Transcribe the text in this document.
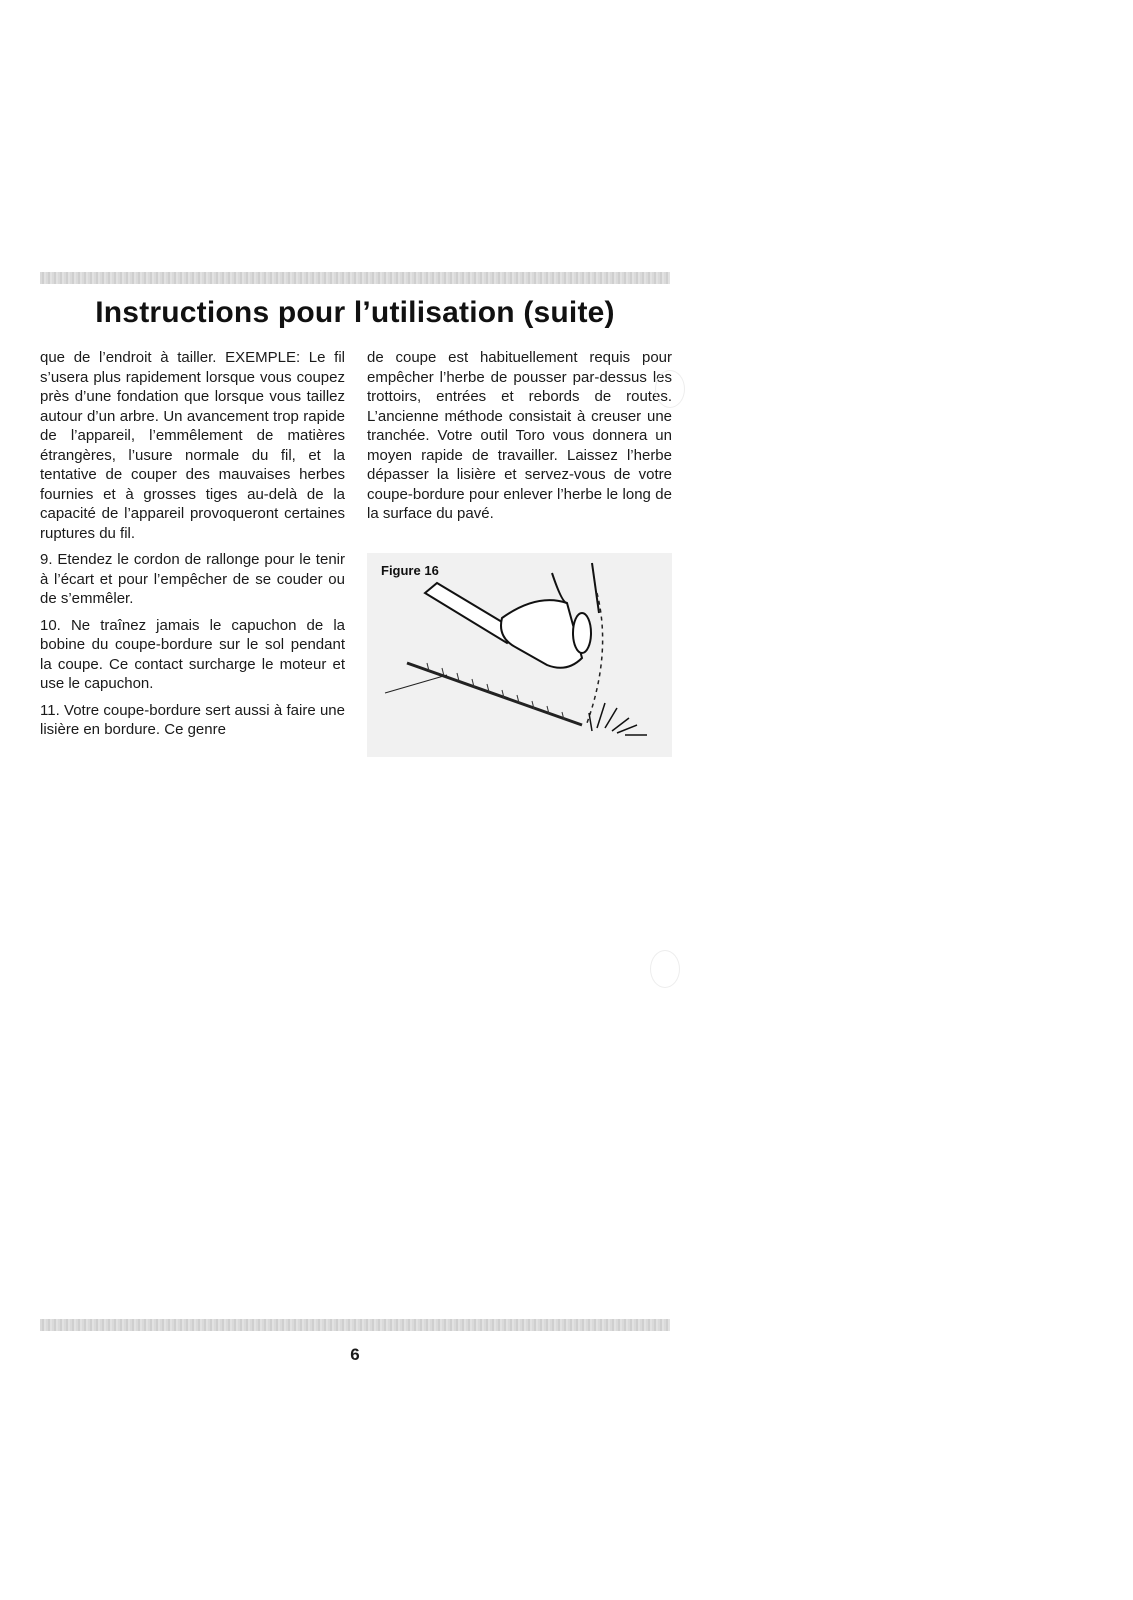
Instructions pour l’utilisation (suite)

que de l’endroit à tailler. EXEMPLE: Le fil s’usera plus rapidement lorsque vous coupez près d’une fondation que lorsque vous taillez autour d’un arbre. Un avancement trop rapide de l’appareil, l’emmêlement de matières étrangères, l’usure normale du fil, et la tentative de couper des mauvaises herbes fournies et à grosses tiges au-delà de la capacité de l’appareil provoqueront certaines ruptures du fil.

9. Etendez le cordon de rallonge pour le tenir à l’écart et pour l’empêcher de se couder ou de s’emmêler.

10. Ne traînez jamais le capuchon de la bobine du coupe-bordure sur le sol pendant la coupe. Ce contact surcharge le moteur et use le capuchon.

11. Votre coupe-bordure sert aussi à faire une lisière en bordure. Ce genre

de coupe est habituellement requis pour empêcher l’herbe de pousser par-dessus les trottoirs, entrées et rebords de routes. L’ancienne méthode consistait à creuser une tranchée. Votre outil Toro vous donnera un moyen rapide de travailler. Laissez l’herbe dépasser la lisière et servez-vous de votre coupe-bordure pour enlever l’herbe le long de la surface du pavé.

Figure 16
6
